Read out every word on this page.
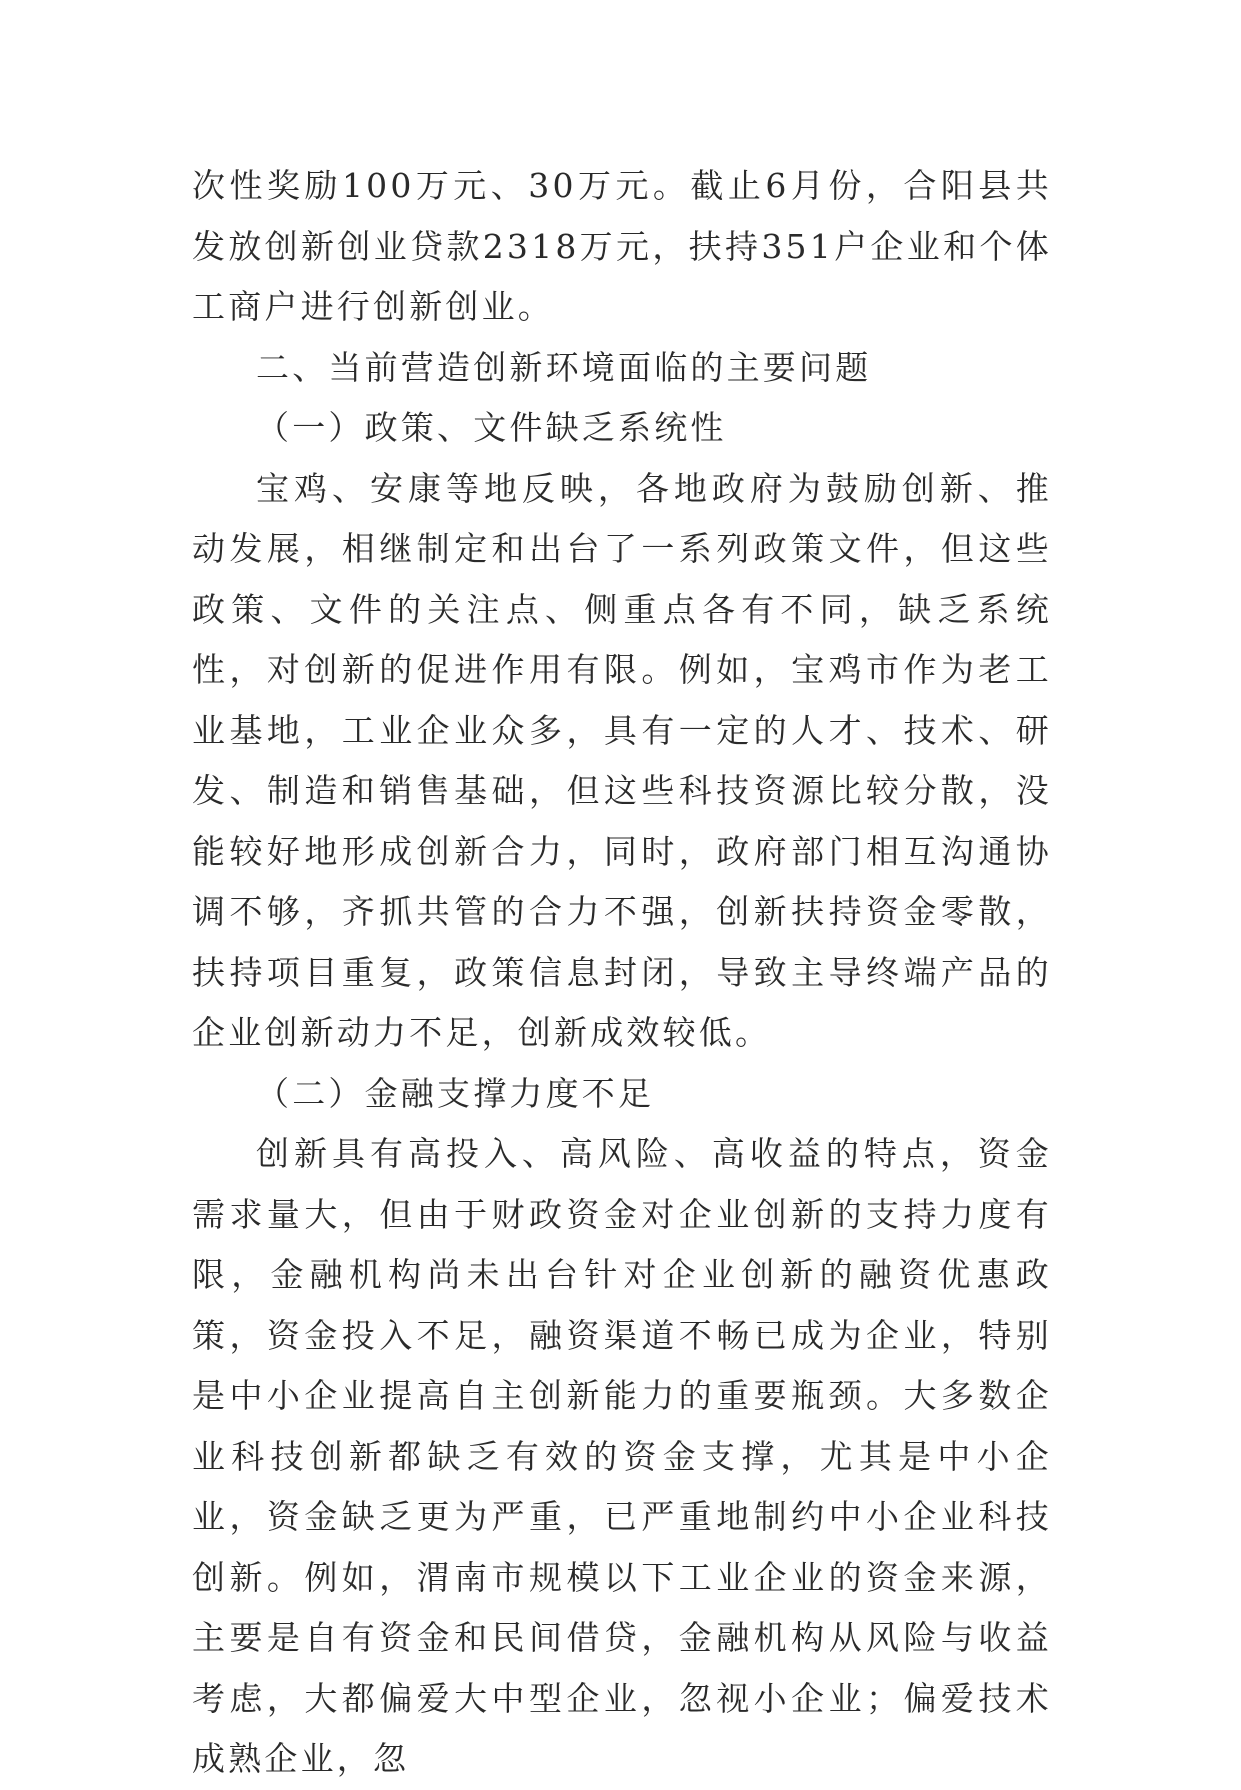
次性奖励100万元、30万元。截止6月份，合阳县共发放创新创业贷款2318万元，扶持351户企业和个体工商户进行创新创业。

二、当前营造创新环境面临的主要问题

（一）政策、文件缺乏系统性

宝鸡、安康等地反映，各地政府为鼓励创新、推动发展，相继制定和出台了一系列政策文件，但这些政策、文件的关注点、侧重点各有不同，缺乏系统性，对创新的促进作用有限。例如，宝鸡市作为老工业基地，工业企业众多，具有一定的人才、技术、研发、制造和销售基础，但这些科技资源比较分散，没能较好地形成创新合力，同时，政府部门相互沟通协调不够，齐抓共管的合力不强，创新扶持资金零散，扶持项目重复，政策信息封闭，导致主导终端产品的企业创新动力不足，创新成效较低。

（二）金融支撑力度不足

创新具有高投入、高风险、高收益的特点，资金需求量大，但由于财政资金对企业创新的支持力度有限，金融机构尚未出台针对企业创新的融资优惠政策，资金投入不足，融资渠道不畅已成为企业，特别是中小企业提高自主创新能力的重要瓶颈。大多数企业科技创新都缺乏有效的资金支撑，尤其是中小企业，资金缺乏更为严重，已严重地制约中小企业科技创新。例如，渭南市规模以下工业企业的资金来源，主要是自有资金和民间借贷，金融机构从风险与收益考虑，大都偏爱大中型企业，忽视小企业；偏爱技术成熟企业，忽
